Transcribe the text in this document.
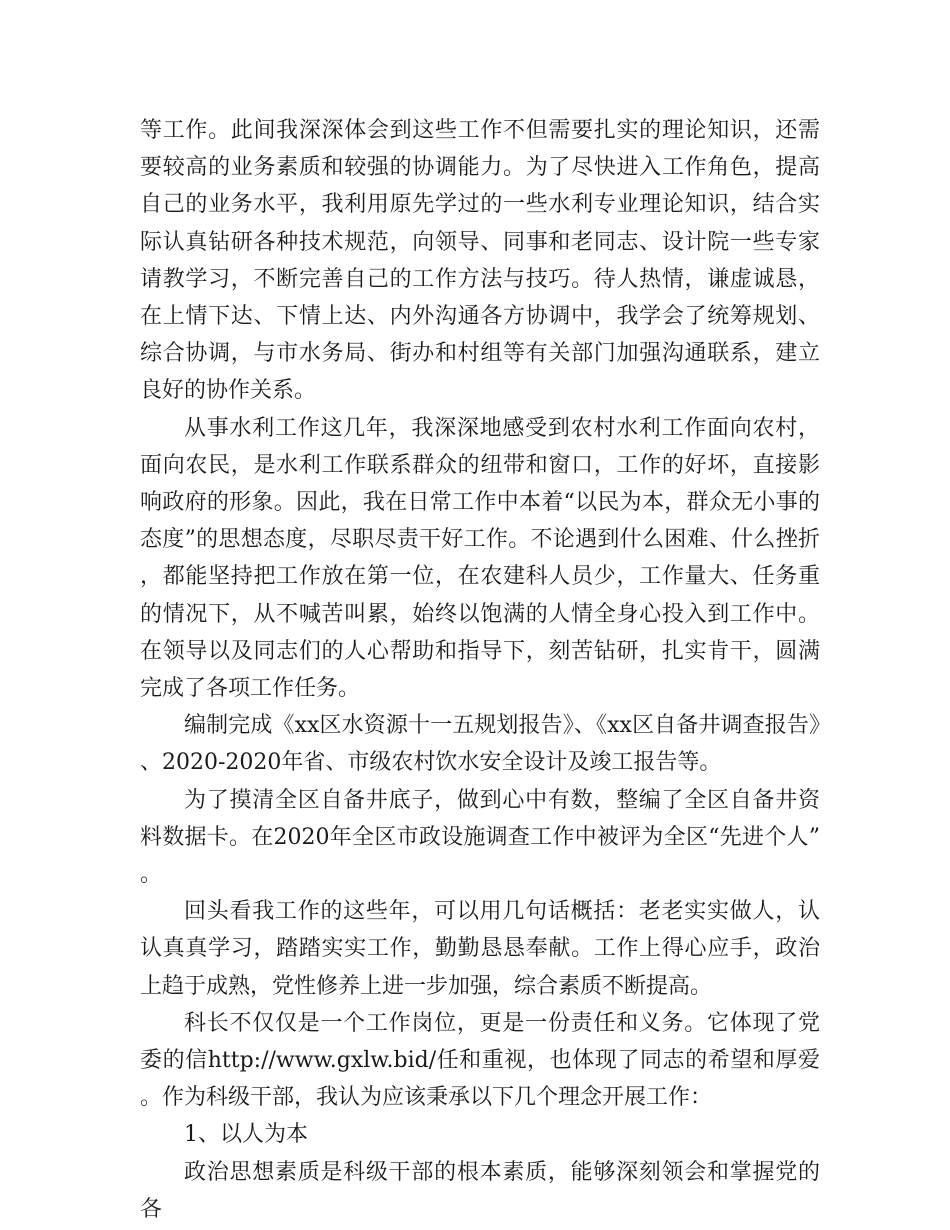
等工作。此间我深深体会到这些工作不但需要扎实的理论知识，还需要较高的业务素质和较强的协调能力。为了尽快进入工作角色，提高自己的业务水平，我利用原先学过的一些水利专业理论知识，结合实际认真钻研各种技术规范，向领导、同事和老同志、设计院一些专家请教学习，不断完善自己的工作方法与技巧。待人热情，谦虚诚恳，在上情下达、下情上达、内外沟通各方协调中，我学会了统筹规划、综合协调，与市水务局、街办和村组等有关部门加强沟通联系，建立良好的协作关系。

从事水利工作这几年，我深深地感受到农村水利工作面向农村，面向农民，是水利工作联系群众的纽带和窗口，工作的好坏，直接影响政府的形象。因此，我在日常工作中本着“以民为本，群众无小事的态度”的思想态度，尽职尽责干好工作。不论遇到什么困难、什么挫折，都能坚持把工作放在第一位，在农建科人员少，工作量大、任务重的情况下，从不喊苦叫累，始终以饱满的人情全身心投入到工作中。在领导以及同志们的人心帮助和指导下，刻苦钻研，扎实肯干，圆满完成了各项工作任务。

编制完成《xx区水资源十一五规划报告》、《xx区自备井调查报告》、2020-2020年省、市级农村饮水安全设计及竣工报告等。

为了摸清全区自备井底子，做到心中有数，整编了全区自备井资料数据卡。在2020年全区市政设施调查工作中被评为全区“先进个人”。

回头看我工作的这些年，可以用几句话概括：老老实实做人，认认真真学习，踏踏实实工作，勤勤恳恳奉献。工作上得心应手，政治上趋于成熟，党性修养上进一步加强，综合素质不断提高。

科长不仅仅是一个工作岗位，更是一份责任和义务。它体现了党委的信http://www.gxlw.bid/任和重视，也体现了同志的希望和厚爱。作为科级干部，我认为应该秉承以下几个理念开展工作：

1、以人为本

政治思想素质是科级干部的根本素质，能够深刻领会和掌握党的各
